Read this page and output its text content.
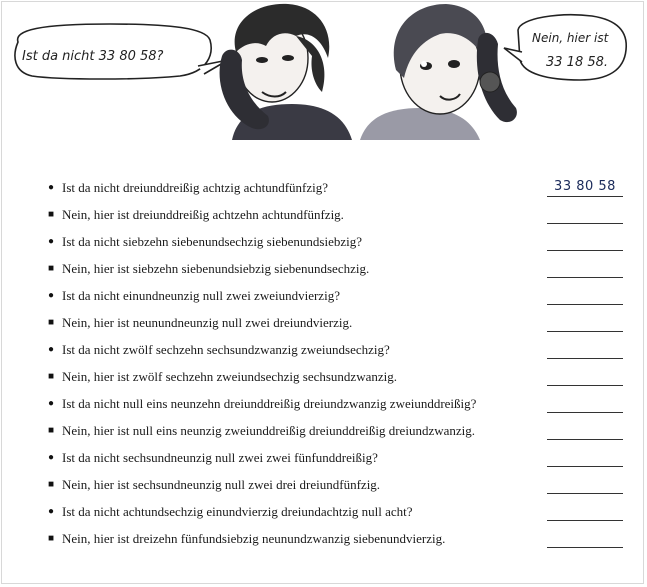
Ist da nicht 33 80 58?
Nein, hier ist
33 18 58.
● Ist da nicht dreiunddreißig achtzig achtundfünfzig?	33 80 58
■ Nein, hier ist dreiunddreißig achtzehn achtundfünfzig.
● Ist da nicht siebzehn siebenundsechzig siebenundsiebzig?
■ Nein, hier ist siebzehn siebenundsiebzig siebenundsechzig.
● Ist da nicht einundneunzig null zwei zweiundvierzig?
■ Nein, hier ist neunundneunzig null zwei dreiundvierzig.
● Ist da nicht zwölf sechzehn sechsundzwanzig zweiundsechzig?
■ Nein, hier ist zwölf sechzehn zweiundsechzig sechsundzwanzig.
● Ist da nicht null eins neunzehn dreiunddreißig dreiundzwanzig zweiunddreißig?
■ Nein, hier ist null eins neunzig zweiunddreißig dreiunddreißig dreiundzwanzig.
● Ist da nicht sechsundneunzig null zwei zwei fünfunddreißig?
■ Nein, hier ist sechsundneunzig null zwei drei dreiundfünfzig.
● Ist da nicht achtundsechzig einundvierzig dreiundachtzig null acht?
■ Nein, hier ist dreizehn fünfundsiebzig neunundzwanzig siebenundvierzig.
